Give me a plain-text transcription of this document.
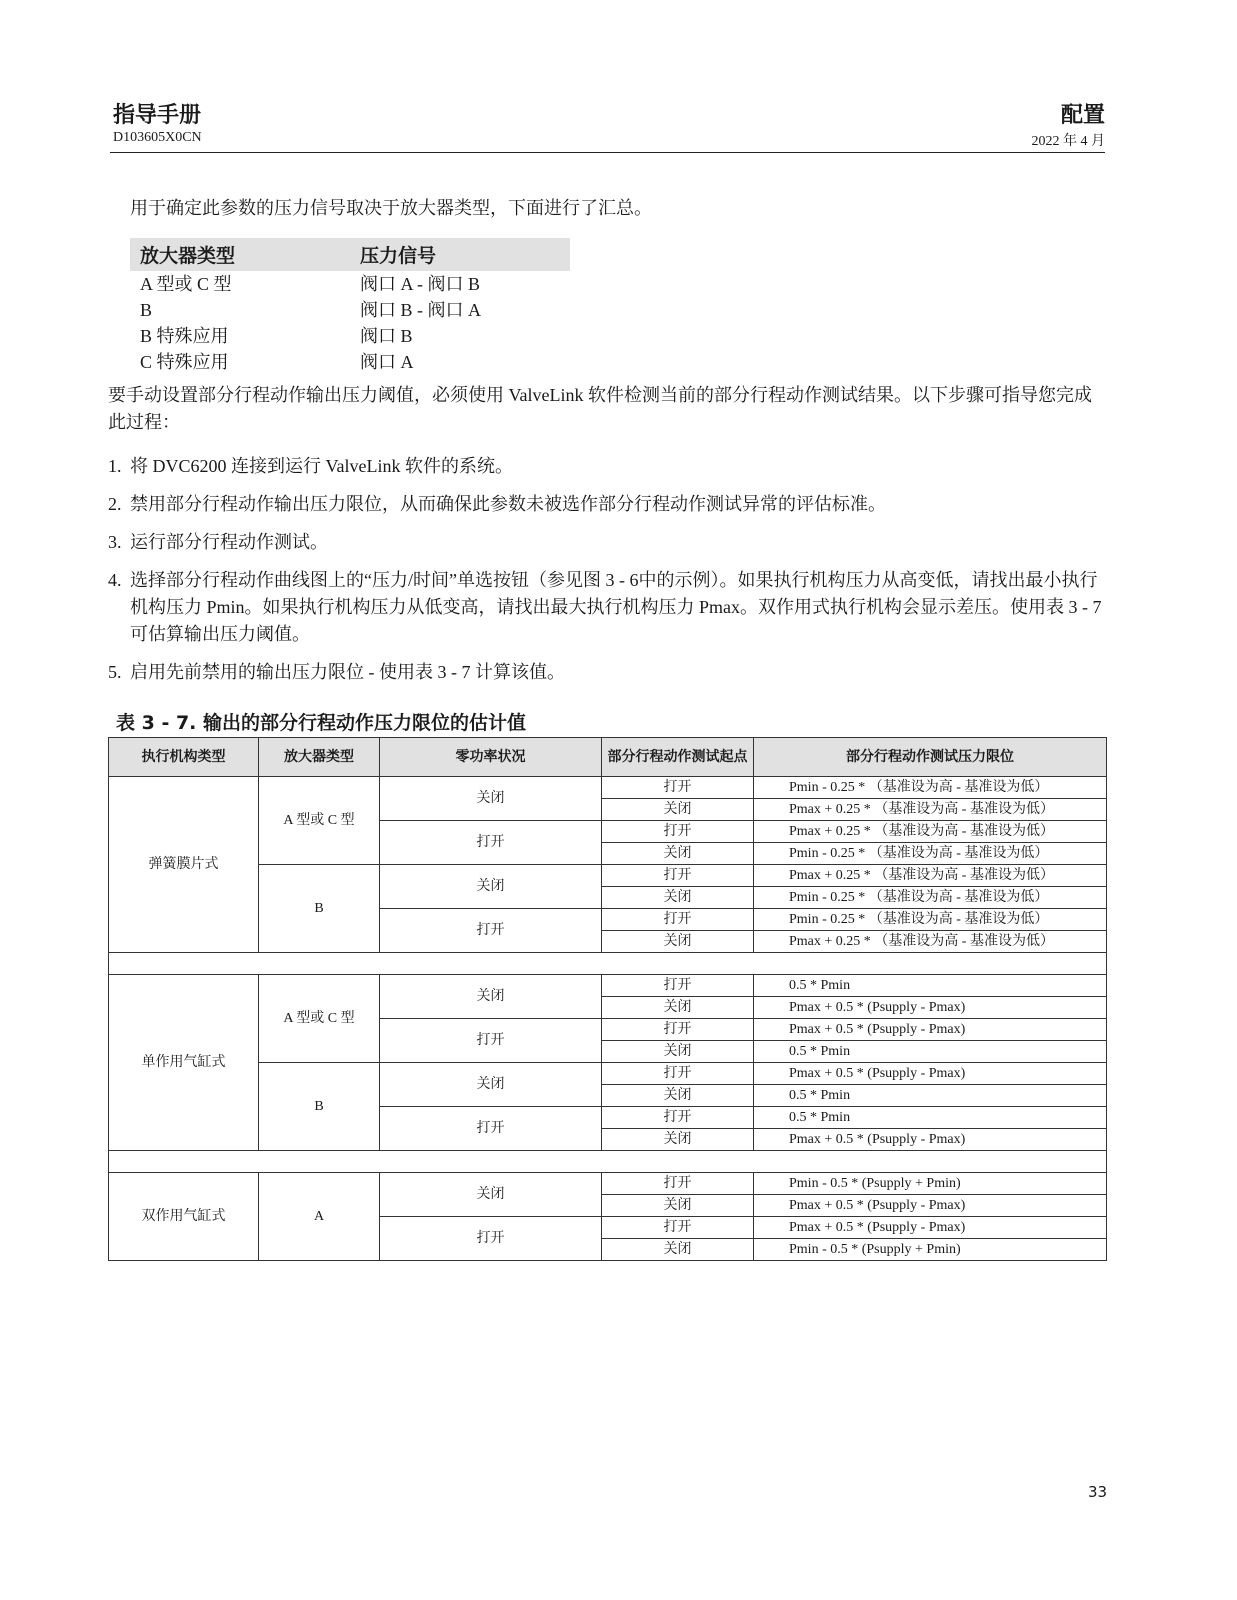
指导手册
D103605X0CN
配置
2022 年 4 月
用于确定此参数的压力信号取决于放大器类型，下面进行了汇总。
放大器类型	压力信号
A 型或 C 型	阀口 A - 阀口 B
B	阀口 B - 阀口 A
B 特殊应用	阀口 B
C 特殊应用	阀口 A
要手动设置部分行程动作输出压力阈值，必须使用 ValveLink 软件检测当前的部分行程动作测试结果。以下步骤可指导您完成此过程：
1. 将 DVC6200 连接到运行 ValveLink 软件的系统。
2. 禁用部分行程动作输出压力限位，从而确保此参数未被选作部分行程动作测试异常的评估标准。
3. 运行部分行程动作测试。
4. 选择部分行程动作曲线图上的“压力/时间”单选按钮（参见图 3 ‑ 6中的示例）。如果执行机构压力从高变低，请找出最小执行机构压力 Pmin。如果执行机构压力从低变高，请找出最大执行机构压力 Pmax。双作用式执行机构会显示差压。使用表 3 ‑ 7 可估算输出压力阈值。
5. 启用先前禁用的输出压力限位 - 使用表 3 ‑ 7 计算该值。
表 3 ‑ 7. 输出的部分行程动作压力限位的估计值
执行机构类型	放大器类型	零功率状况	部分行程动作测试起点	部分行程动作测试压力限位
弹簧膜片式	A 型或 C 型	关闭	打开	Pmin - 0.25 * （基准设为高 - 基准设为低）
			关闭	Pmax + 0.25 * （基准设为高 - 基准设为低）
		打开	打开	Pmax + 0.25 * （基准设为高 - 基准设为低）
			关闭	Pmin - 0.25 * （基准设为高 - 基准设为低）
	B	关闭	打开	Pmax + 0.25 * （基准设为高 - 基准设为低）
			关闭	Pmin - 0.25 * （基准设为高 - 基准设为低）
		打开	打开	Pmin - 0.25 * （基准设为高 - 基准设为低）
			关闭	Pmax + 0.25 * （基准设为高 - 基准设为低）

单作用气缸式	A 型或 C 型	关闭	打开	0.5 * Pmin
			关闭	Pmax + 0.5 * (Psupply - Pmax)
		打开	打开	Pmax + 0.5 * (Psupply - Pmax)
			关闭	0.5 * Pmin
	B	关闭	打开	Pmax + 0.5 * (Psupply - Pmax)
			关闭	0.5 * Pmin
		打开	打开	0.5 * Pmin
			关闭	Pmax + 0.5 * (Psupply - Pmax)

双作用气缸式	A	关闭	打开	Pmin - 0.5 * (Psupply + Pmin)
			关闭	Pmax + 0.5 * (Psupply - Pmax)
		打开	打开	Pmax + 0.5 * (Psupply - Pmax)
			关闭	Pmin - 0.5 * (Psupply + Pmin)
33
